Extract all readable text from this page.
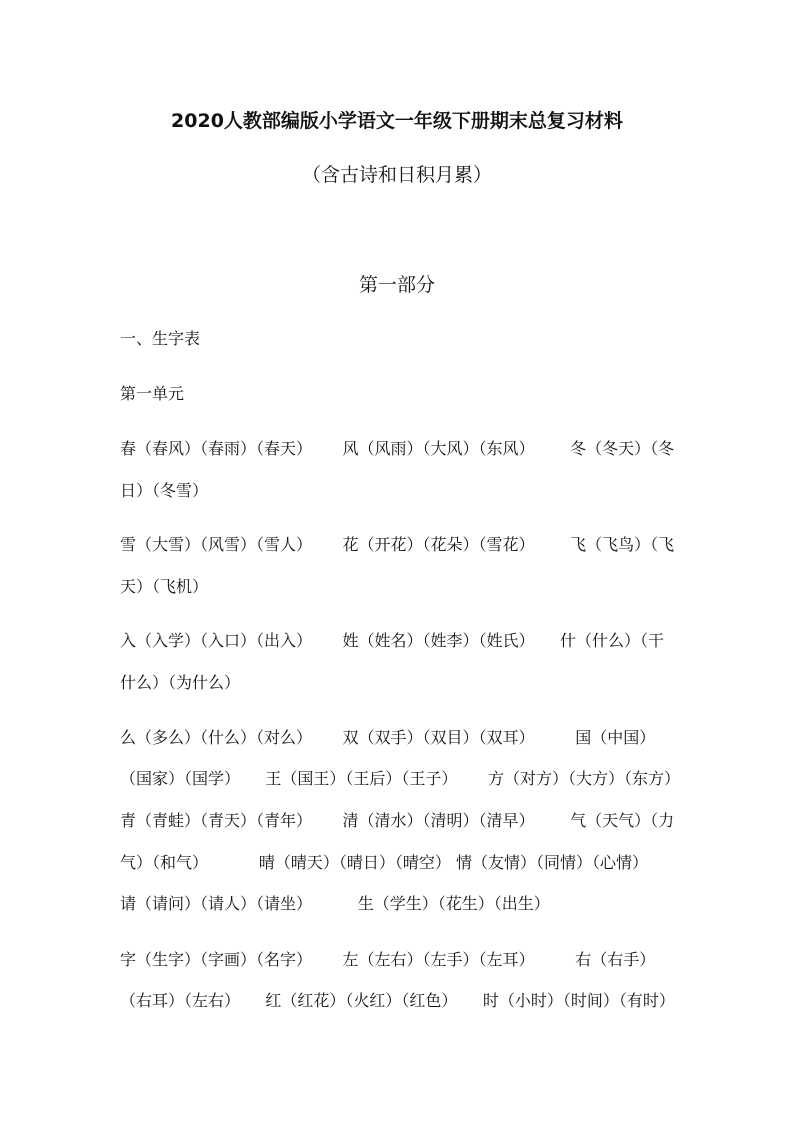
2020人教部编版小学语文一年级下册期末总复习材料
（含古诗和日积月累）
第一部分
一、生字表
第一单元
春（春风）（春雨）（春天）      风（风雨）（大风）（东风）       冬（冬天）（冬
日）（冬雪）
雪（大雪）（风雪）（雪人）      花（开花）（花朵）（雪花）       飞（飞鸟）（飞
天）（飞机）
入（入学）（入口）（出入）      姓（姓名）（姓李）（姓氏）     什（什么）（干
什么）（为什么）
么（多么）（什么）（对么）      双（双手）（双目）（双耳）        国（中国）
（国家）（国学）     王（国王）（王后）（王子）      方（对方）（大方）（东方）
青（青蛙）（青天）（青年）      清（清水）（清明）（清早）       气（天气）（力
气）（和气）          晴（晴天）（晴日）（晴空） 情（友情）（同情）（心情）
请（请问）（请人）（请坐）         生（学生）（花生）（出生）
字（生字）（字画）（名字）      左（左右）（左手）（左耳）        右（右手）
（右耳）（左右）     红（红花）（火红）（红色）     时（小时）（时间）（有时）
